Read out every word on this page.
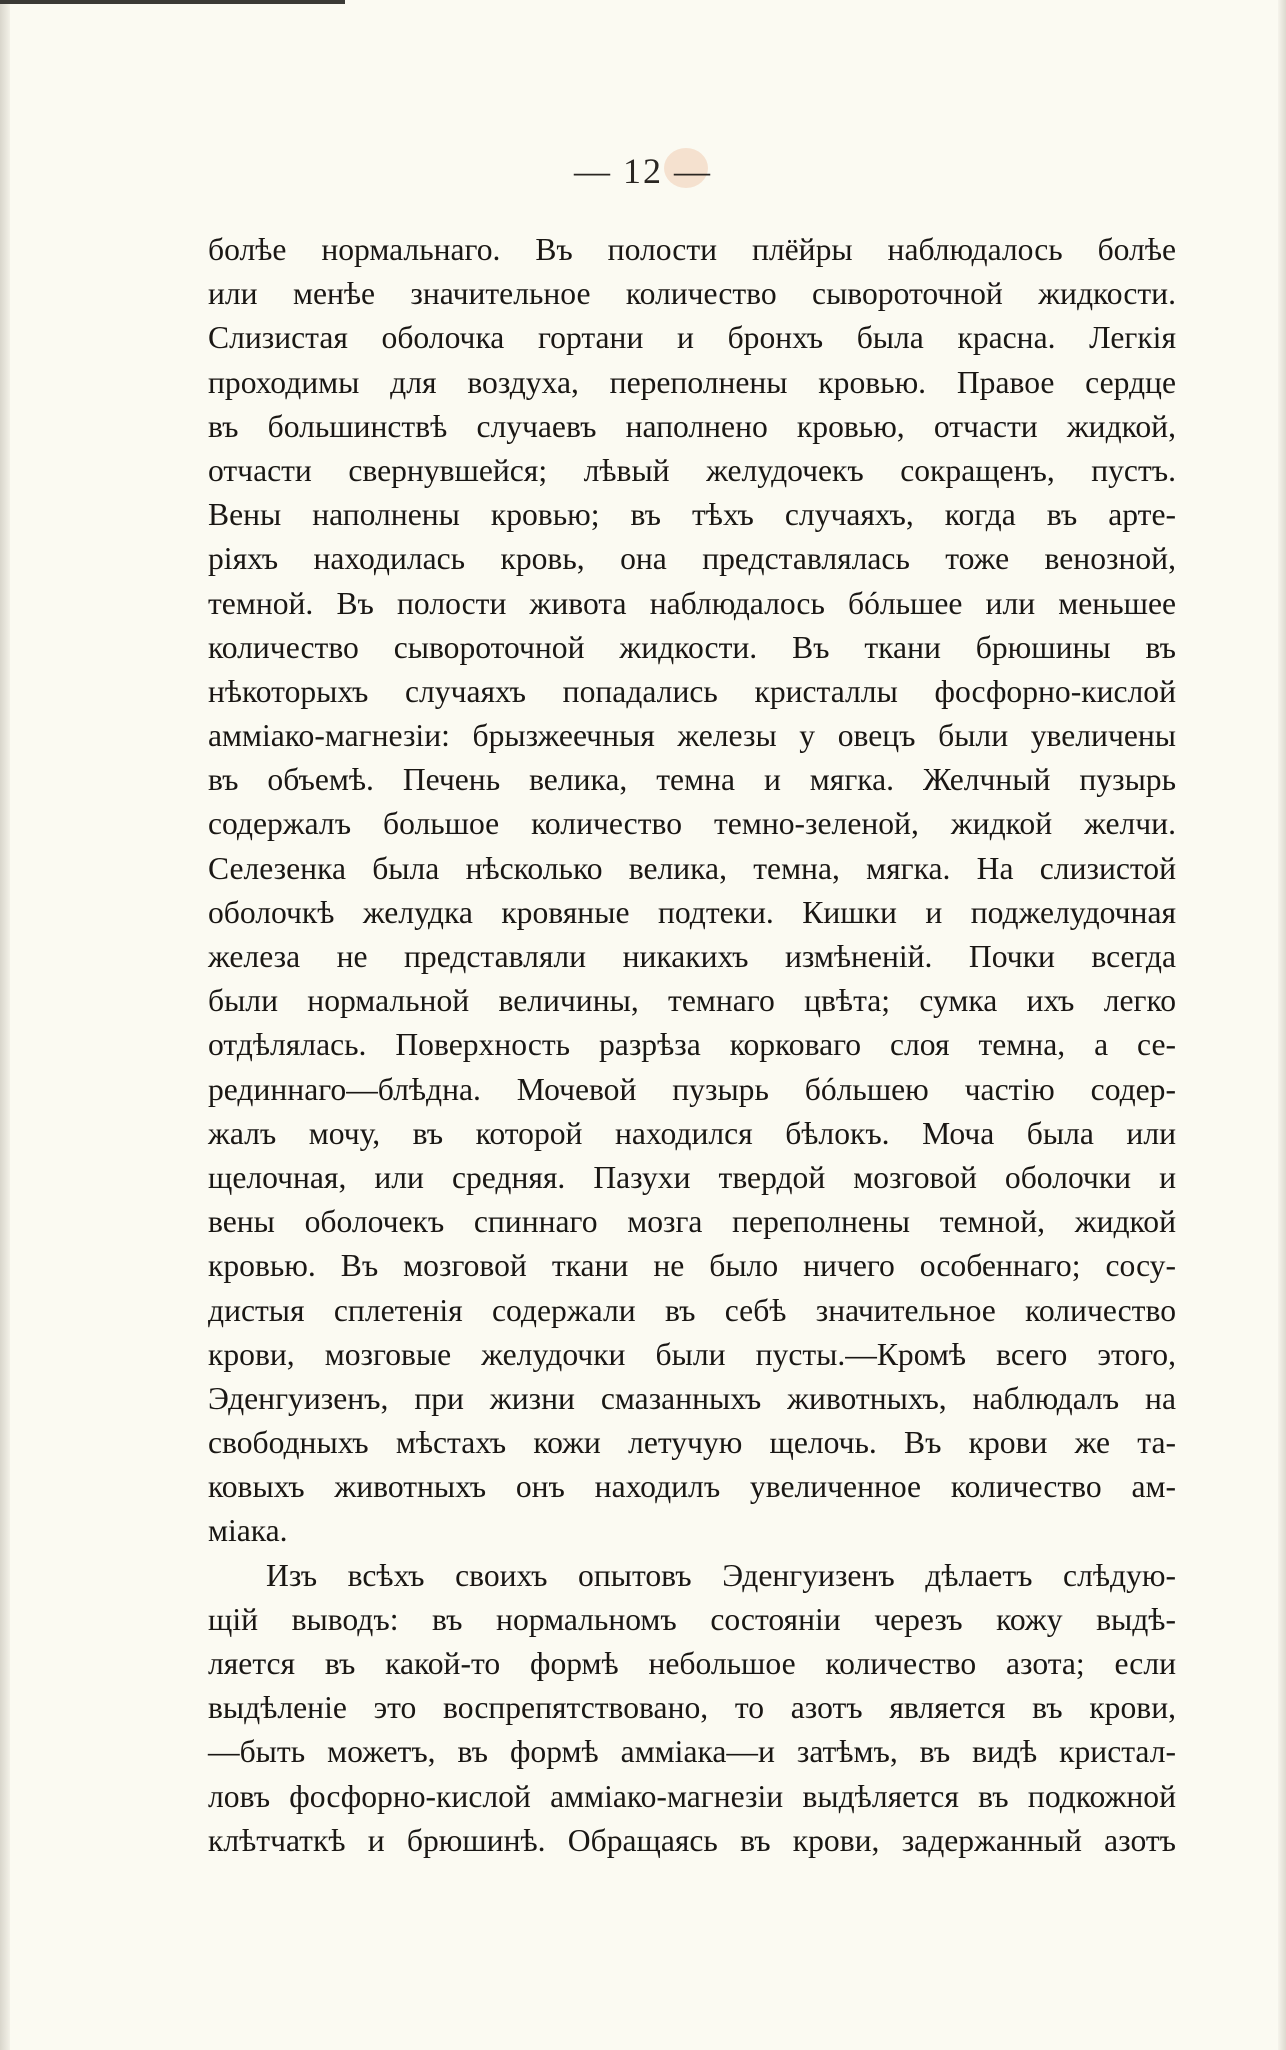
— 12 —
болѣе нормальнаго. Въ полости плёйры наблюдалось болѣе
или менѣе значительное количество сывороточной жидкости.
Слизистая оболочка гортани и бронхъ была красна. Легкія
проходимы для воздуха, переполнены кровью. Правое сердце
въ большинствѣ случаевъ наполнено кровью, отчасти жидкой,
отчасти свернувшейся; лѣвый желудочекъ сокращенъ, пустъ.
Вены наполнены кровью; въ тѣхъ случаяхъ, когда въ арте-
ріяхъ находилась кровь, она представлялась тоже венозной,
темной. Въ полости живота наблюдалось бóльшее или меньшее
количество сывороточной жидкости. Въ ткани брюшины въ
нѣкоторыхъ случаяхъ попадались кристаллы фосфорно-кислой
амміако-магнезіи: брызжеечныя железы у овецъ были увеличены
въ объемѣ. Печень велика, темна и мягка. Желчный пузырь
содержалъ большое количество темно-зеленой, жидкой желчи.
Селезенка была нѣсколько велика, темна, мягка. На слизистой
оболочкѣ желудка кровяные подтеки. Кишки и поджелудочная
железа не представляли никакихъ измѣненій. Почки всегда
были нормальной величины, темнаго цвѣта; сумка ихъ легко
отдѣлялась. Поверхность разрѣза корковаго слоя темна, а се-
рединнаго—блѣдна. Мочевой пузырь бóльшею частію содер-
жалъ мочу, въ которой находился бѣлокъ. Моча была или
щелочная, или средняя. Пазухи твердой мозговой оболочки и
вены оболочекъ спиннаго мозга переполнены темной, жидкой
кровью. Въ мозговой ткани не было ничего особеннаго; сосу-
дистыя сплетенія содержали въ себѣ значительное количество
крови, мозговые желудочки были пусты.—Кромѣ всего этого,
Эденгуизенъ, при жизни смазанныхъ животныхъ, наблюдалъ на
свободныхъ мѣстахъ кожи летучую щелочь. Въ крови же та-
ковыхъ животныхъ онъ находилъ увеличенное количество ам-
міака.
Изъ всѣхъ своихъ опытовъ Эденгуизенъ дѣлаетъ слѣдую-
щій выводъ: въ нормальномъ состояніи черезъ кожу выдѣ-
ляется въ какой-то формѣ небольшое количество азота; если
выдѣленіе это воспрепятствовано, то азотъ является въ крови,
—быть можетъ, въ формѣ амміака—и затѣмъ, въ видѣ кристал-
ловъ фосфорно-кислой амміако-магнезіи выдѣляется въ подкожной
клѣтчаткѣ и брюшинѣ. Обращаясь въ крови, задержанный азотъ
